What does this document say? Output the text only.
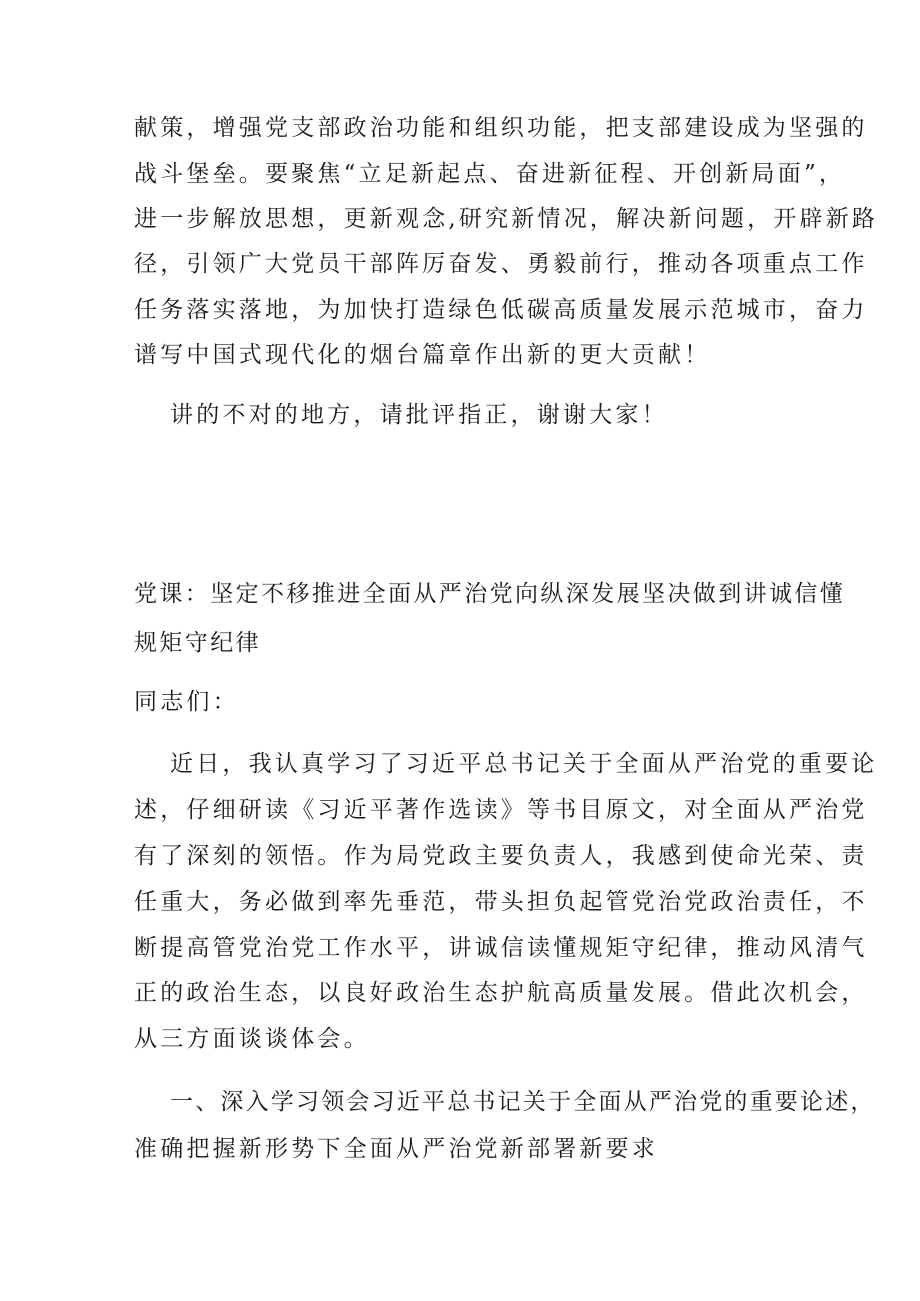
献策，增强党支部政治功能和组织功能，把支部建设成为坚强的
战斗堡垒。要聚焦“立足新起点、奋进新征程、开创新局面”，
进一步解放思想，更新观念,研究新情况，解决新问题，开辟新路
径，引领广大党员干部阵厉奋发、勇毅前行，推动各项重点工作
任务落实落地，为加快打造绿色低碳高质量发展示范城市，奋力
谱写中国式现代化的烟台篇章作出新的更大贡献！
讲的不对的地方，请批评指正，谢谢大家！
党课：坚定不移推进全面从严治党向纵深发展坚决做到讲诚信懂
规矩守纪律
同志们：
近日，我认真学习了习近平总书记关于全面从严治党的重要论
述，仔细研读《习近平著作选读》等书目原文，对全面从严治党
有了深刻的领悟。作为局党政主要负责人，我感到使命光荣、责
任重大，务必做到率先垂范，带头担负起管党治党政治责任，不
断提高管党治党工作水平，讲诚信读懂规矩守纪律，推动风清气
正的政治生态，以良好政治生态护航高质量发展。借此次机会，
从三方面谈谈体会。
一、深入学习领会习近平总书记关于全面从严治党的重要论述，
准确把握新形势下全面从严治党新部署新要求
